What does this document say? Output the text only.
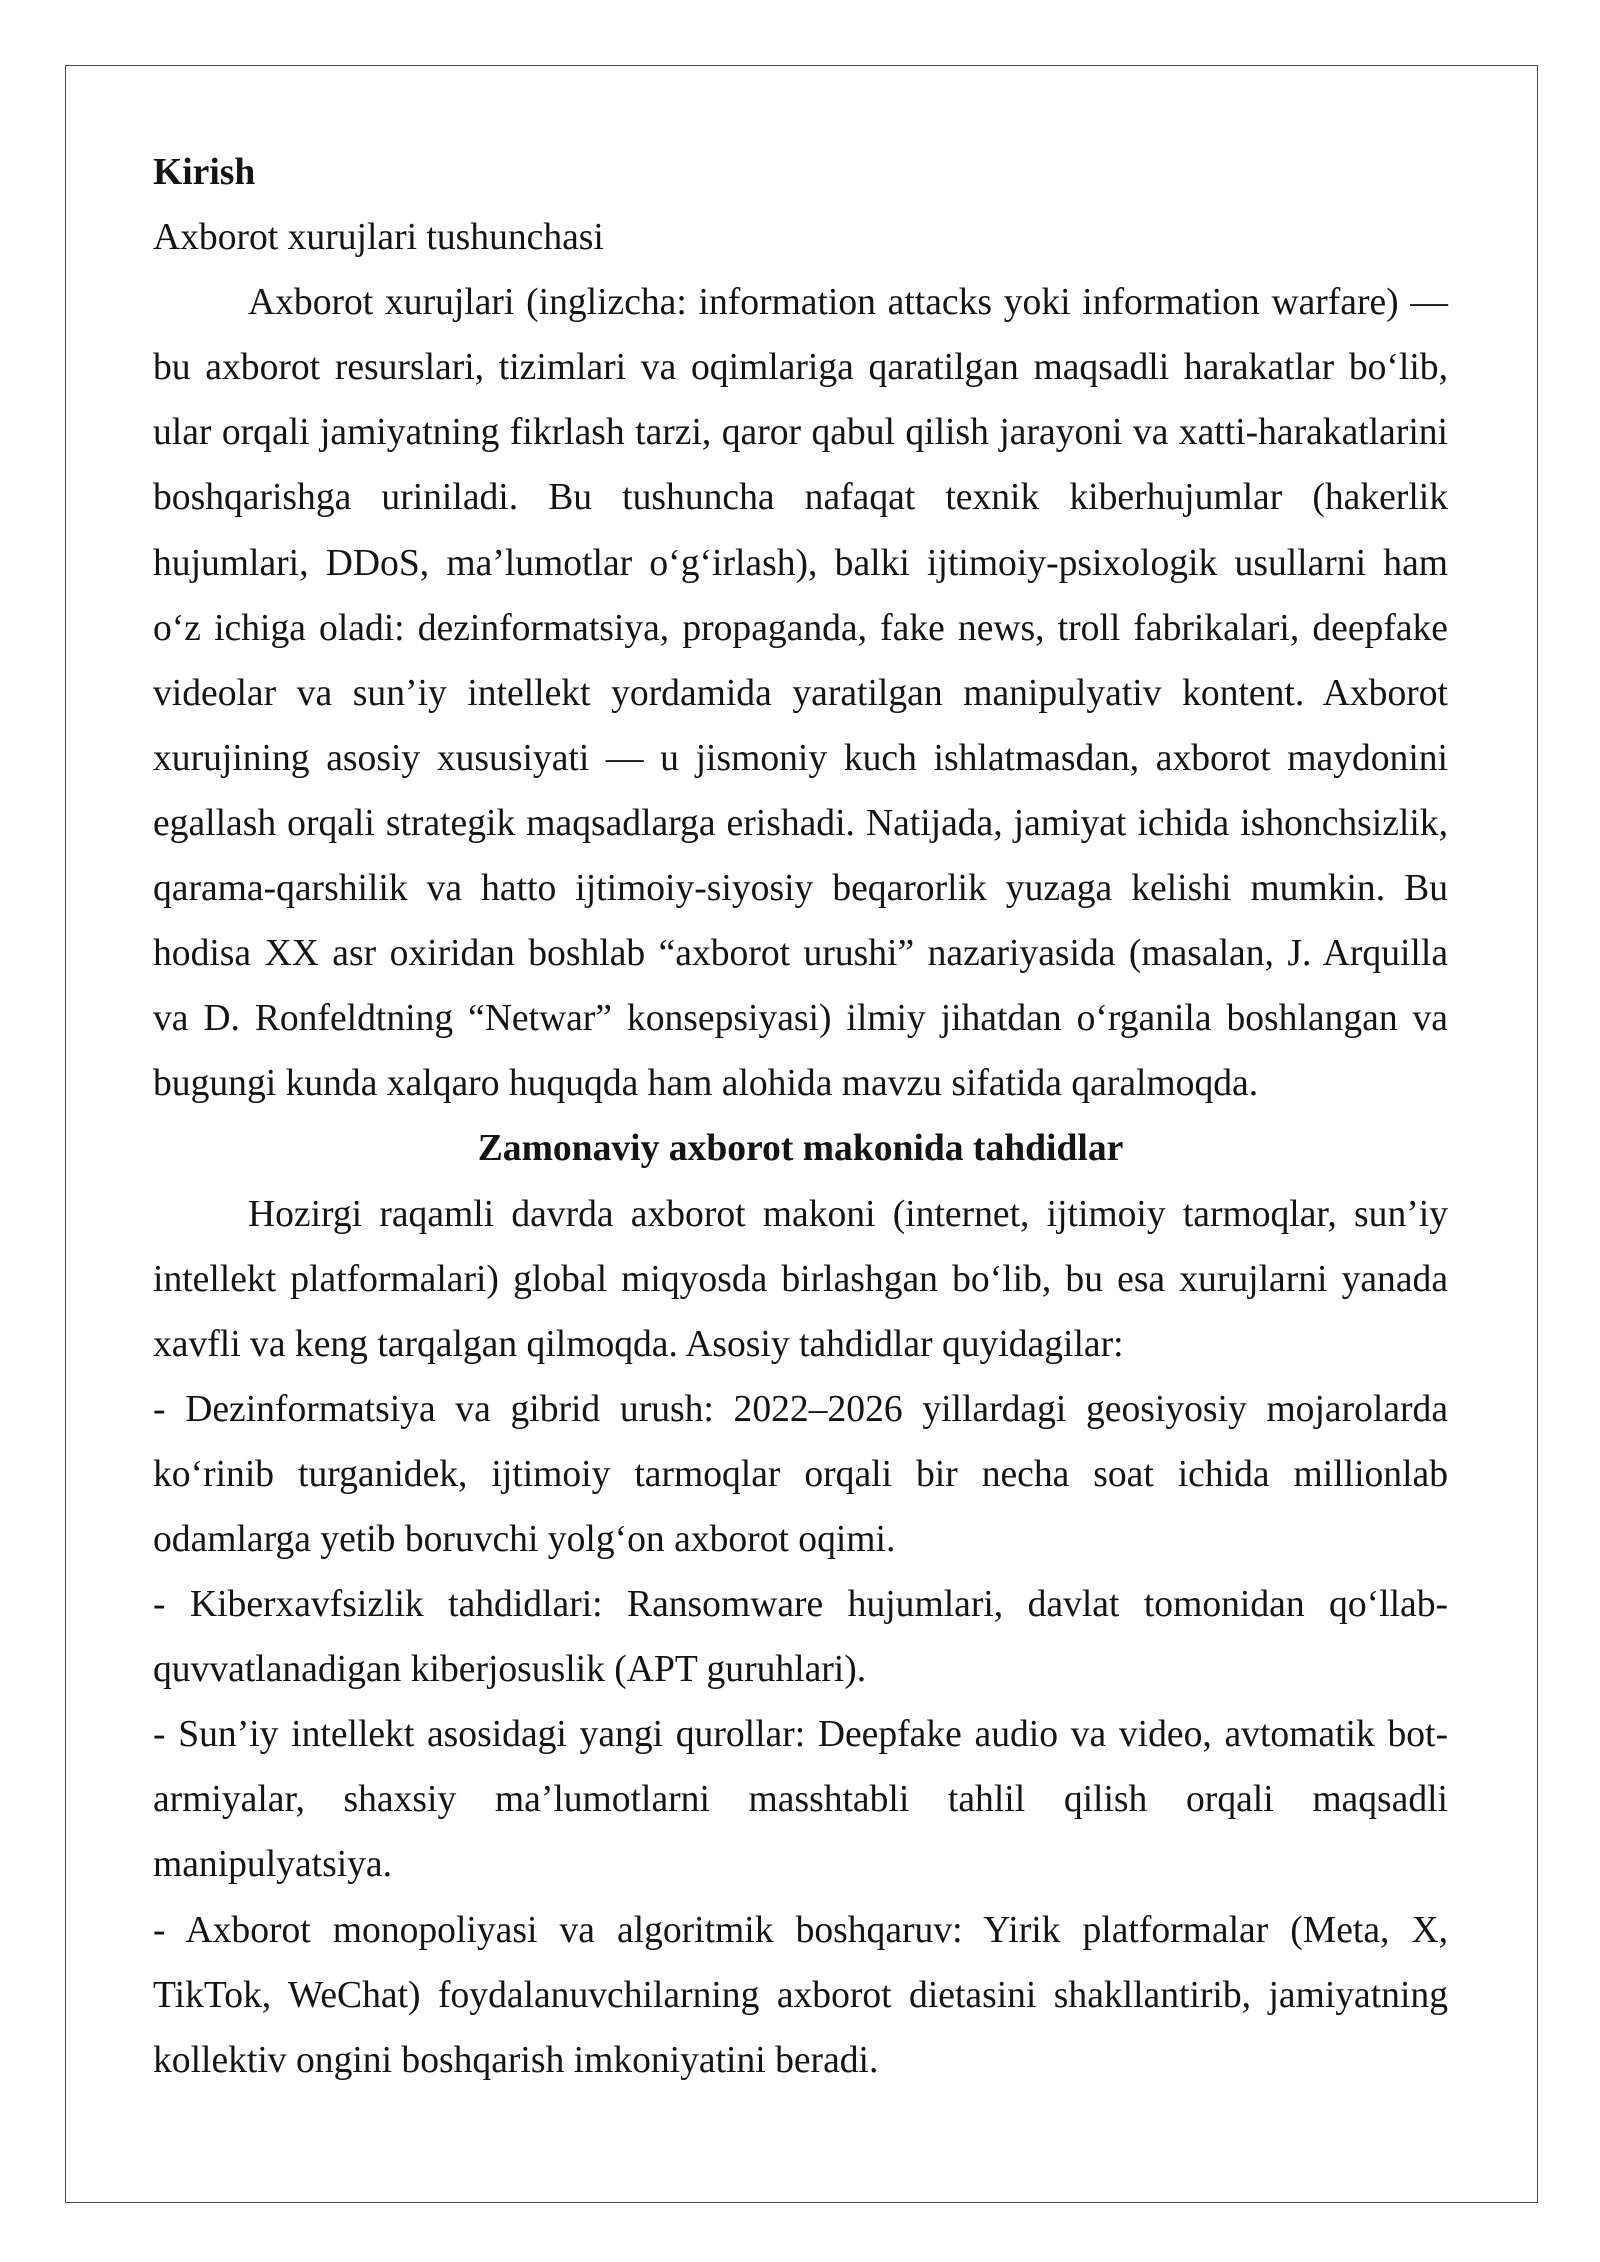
Kirish
Axborot xurujlari tushunchasi
Axborot xurujlari (inglizcha: information attacks yoki information warfare) —
bu axborot resurslari, tizimlari va oqimlariga qaratilgan maqsadli harakatlar bo‘lib,
ular orqali jamiyatning fikrlash tarzi, qaror qabul qilish jarayoni va xatti-harakatlarini
boshqarishga uriniladi. Bu tushuncha nafaqat texnik kiberhujumlar (hakerlik
hujumlari, DDoS, ma’lumotlar o‘g‘irlash), balki ijtimoiy-psixologik usullarni ham
o‘z ichiga oladi: dezinformatsiya, propaganda, fake news, troll fabrikalari, deepfake
videolar va sun’iy intellekt yordamida yaratilgan manipulyativ kontent. Axborot
xurujining asosiy xususiyati — u jismoniy kuch ishlatmasdan, axborot maydonini
egallash orqali strategik maqsadlarga erishadi. Natijada, jamiyat ichida ishonchsizlik,
qarama-qarshilik va hatto ijtimoiy-siyosiy beqarorlik yuzaga kelishi mumkin. Bu
hodisa XX asr oxiridan boshlab “axborot urushi” nazariyasida (masalan, J. Arquilla
va D. Ronfeldtning “Netwar” konsepsiyasi) ilmiy jihatdan o‘rganila boshlangan va
bugungi kunda xalqaro huquqda ham alohida mavzu sifatida qaralmoqda.
Zamonaviy axborot makonida tahdidlar
Hozirgi raqamli davrda axborot makoni (internet, ijtimoiy tarmoqlar, sun’iy
intellekt platformalari) global miqyosda birlashgan bo‘lib, bu esa xurujlarni yanada
xavfli va keng tarqalgan qilmoqda. Asosiy tahdidlar quyidagilar:
- Dezinformatsiya va gibrid urush: 2022–2026 yillardagi geosiyosiy mojarolarda
ko‘rinib turganidek, ijtimoiy tarmoqlar orqali bir necha soat ichida millionlab
odamlarga yetib boruvchi yolg‘on axborot oqimi.
- Kiberxavfsizlik tahdidlari: Ransomware hujumlari, davlat tomonidan qo‘llab-
quvvatlanadigan kiberjosuslik (APT guruhlari).
- Sun’iy intellekt asosidagi yangi qurollar: Deepfake audio va video, avtomatik bot-
armiyalar, shaxsiy ma’lumotlarni masshtabli tahlil qilish orqali maqsadli
manipulyatsiya.
- Axborot monopoliyasi va algoritmik boshqaruv: Yirik platformalar (Meta, X,
TikTok, WeChat) foydalanuvchilarning axborot dietasini shakllantirib, jamiyatning
kollektiv ongini boshqarish imkoniyatini beradi.
